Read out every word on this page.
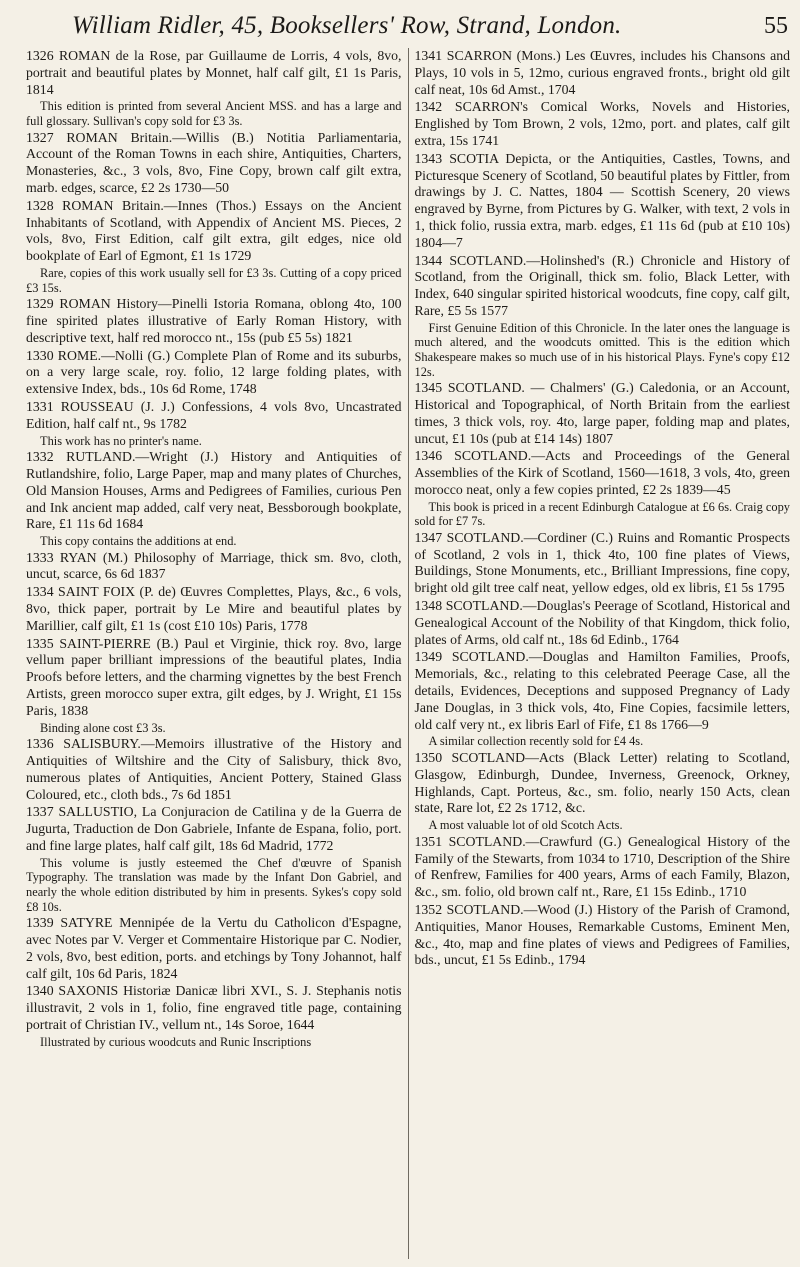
William Ridler, 45, Booksellers' Row, Strand, London.	55

1326 ROMAN de la Rose, par Guillaume de Lorris, 4 vols, 8vo, portrait and beautiful plates by Monnet, half calf gilt, £1 1s Paris, 1814

This edition is printed from several Ancient MSS. and has a large and full glossary. Sullivan's copy sold for £3 3s.

1327 ROMAN Britain.—Willis (B.) Notitia Parliamentaria, Account of the Roman Towns in each shire, Antiquities, Charters, Monasteries, &c., 3 vols, 8vo, Fine Copy, brown calf gilt extra, marb. edges, scarce, £2 2s 1730—50

1328 ROMAN Britain.—Innes (Thos.) Essays on the Ancient Inhabitants of Scotland, with Appendix of Ancient MS. Pieces, 2 vols, 8vo, First Edition, calf gilt extra, gilt edges, nice old bookplate of Earl of Egmont, £1 1s 1729

Rare, copies of this work usually sell for £3 3s. Cutting of a copy priced £3 15s.

1329 ROMAN History—Pinelli Istoria Romana, oblong 4to, 100 fine spirited plates illustrative of Early Roman History, with descriptive text, half red morocco nt., 15s (pub £5 5s) 1821

1330 ROME.—Nolli (G.) Complete Plan of Rome and its suburbs, on a very large scale, roy. folio, 12 large folding plates, with extensive Index, bds., 10s 6d Rome, 1748

1331 ROUSSEAU (J. J.) Confessions, 4 vols 8vo, Uncastrated Edition, half calf nt., 9s 1782

This work has no printer's name.

1332 RUTLAND.—Wright (J.) History and Antiquities of Rutlandshire, folio, Large Paper, map and many plates of Churches, Old Mansion Houses, Arms and Pedigrees of Families, curious Pen and Ink ancient map added, calf very neat, Bessborough bookplate, Rare, £1 11s 6d 1684

This copy contains the additions at end.

1333 RYAN (M.) Philosophy of Marriage, thick sm. 8vo, cloth, uncut, scarce, 6s 6d 1837

1334 SAINT FOIX (P. de) Œuvres Complettes, Plays, &c., 6 vols, 8vo, thick paper, portrait by Le Mire and beautiful plates by Marillier, calf gilt, £1 1s (cost £10 10s) Paris, 1778

1335 SAINT-PIERRE (B.) Paul et Virginie, thick roy. 8vo, large vellum paper brilliant impressions of the beautiful plates, India Proofs before letters, and the charming vignettes by the best French Artists, green morocco super extra, gilt edges, by J. Wright, £1 15s Paris, 1838

Binding alone cost £3 3s.

1336 SALISBURY.—Memoirs illustrative of the History and Antiquities of Wiltshire and the City of Salisbury, thick 8vo, numerous plates of Antiquities, Ancient Pottery, Stained Glass Coloured, etc., cloth bds., 7s 6d 1851

1337 SALLUSTIO, La Conjuracion de Catilina y de la Guerra de Jugurta, Traduction de Don Gabriele, Infante de Espana, folio, port. and fine large plates, half calf gilt, 18s 6d Madrid, 1772

This volume is justly esteemed the Chef d'œuvre of Spanish Typography. The translation was made by the Infant Don Gabriel, and nearly the whole edition distributed by him in presents. Sykes's copy sold £8 10s.

1339 SATYRE Mennipée de la Vertu du Catholicon d'Espagne, avec Notes par V. Verger et Commentaire Historique par C. Nodier, 2 vols, 8vo, best edition, ports. and etchings by Tony Johannot, half calf gilt, 10s 6d Paris, 1824

1340 SAXONIS Historiæ Danicæ libri XVI., S. J. Stephanis notis illustravit, 2 vols in 1, folio, fine engraved title page, containing portrait of Christian IV., vellum nt., 14s Soroe, 1644

Illustrated by curious woodcuts and Runic Inscriptions

1341 SCARRON (Mons.) Les Œuvres, includes his Chansons and Plays, 10 vols in 5, 12mo, curious engraved fronts., bright old gilt calf neat, 10s 6d Amst., 1704

1342 SCARRON's Comical Works, Novels and Histories, Englished by Tom Brown, 2 vols, 12mo, port. and plates, calf gilt extra, 15s 1741

1343 SCOTIA Depicta, or the Antiquities, Castles, Towns, and Picturesque Scenery of Scotland, 50 beautiful plates by Fittler, from drawings by J. C. Nattes, 1804 — Scottish Scenery, 20 views engraved by Byrne, from Pictures by G. Walker, with text, 2 vols in 1, thick folio, russia extra, marb. edges, £1 11s 6d (pub at £10 10s) 1804—7

1344 SCOTLAND.—Holinshed's (R.) Chronicle and History of Scotland, from the Originall, thick sm. folio, Black Letter, with Index, 640 singular spirited historical woodcuts, fine copy, calf gilt, Rare, £5 5s 1577

First Genuine Edition of this Chronicle. In the later ones the language is much altered, and the woodcuts omitted. This is the edition which Shakespeare makes so much use of in his historical Plays. Fyne's copy £12 12s.

1345 SCOTLAND. — Chalmers' (G.) Caledonia, or an Account, Historical and Topographical, of North Britain from the earliest times, 3 thick vols, roy. 4to, large paper, folding map and plates, uncut, £1 10s (pub at £14 14s) 1807

1346 SCOTLAND.—Acts and Proceedings of the General Assemblies of the Kirk of Scotland, 1560—1618, 3 vols, 4to, green morocco neat, only a few copies printed, £2 2s 1839—45

This book is priced in a recent Edinburgh Catalogue at £6 6s. Craig copy sold for £7 7s.

1347 SCOTLAND.—Cordiner (C.) Ruins and Romantic Prospects of Scotland, 2 vols in 1, thick 4to, 100 fine plates of Views, Buildings, Stone Monuments, etc., Brilliant Impressions, fine copy, bright old gilt tree calf neat, yellow edges, old ex libris, £1 5s 1795

1348 SCOTLAND.—Douglas's Peerage of Scotland, Historical and Genealogical Account of the Nobility of that Kingdom, thick folio, plates of Arms, old calf nt., 18s 6d Edinb., 1764

1349 SCOTLAND.—Douglas and Hamilton Families, Proofs, Memorials, &c., relating to this celebrated Peerage Case, all the details, Evidences, Deceptions and supposed Pregnancy of Lady Jane Douglas, in 3 thick vols, 4to, Fine Copies, facsimile letters, old calf very nt., ex libris Earl of Fife, £1 8s 1766—9

A similar collection recently sold for £4 4s.

1350 SCOTLAND—Acts (Black Letter) relating to Scotland, Glasgow, Edinburgh, Dundee, Inverness, Greenock, Orkney, Highlands, Capt. Porteus, &c., sm. folio, nearly 150 Acts, clean state, Rare lot, £2 2s 1712, &c.

A most valuable lot of old Scotch Acts.

1351 SCOTLAND.—Crawfurd (G.) Genealogical History of the Family of the Stewarts, from 1034 to 1710, Description of the Shire of Renfrew, Families for 400 years, Arms of each Family, Blazon, &c., sm. folio, old brown calf nt., Rare, £1 15s Edinb., 1710

1352 SCOTLAND.—Wood (J.) History of the Parish of Cramond, Antiquities, Manor Houses, Remarkable Customs, Eminent Men, &c., 4to, map and fine plates of views and Pedigrees of Families, bds., uncut, £1 5s Edinb., 1794
